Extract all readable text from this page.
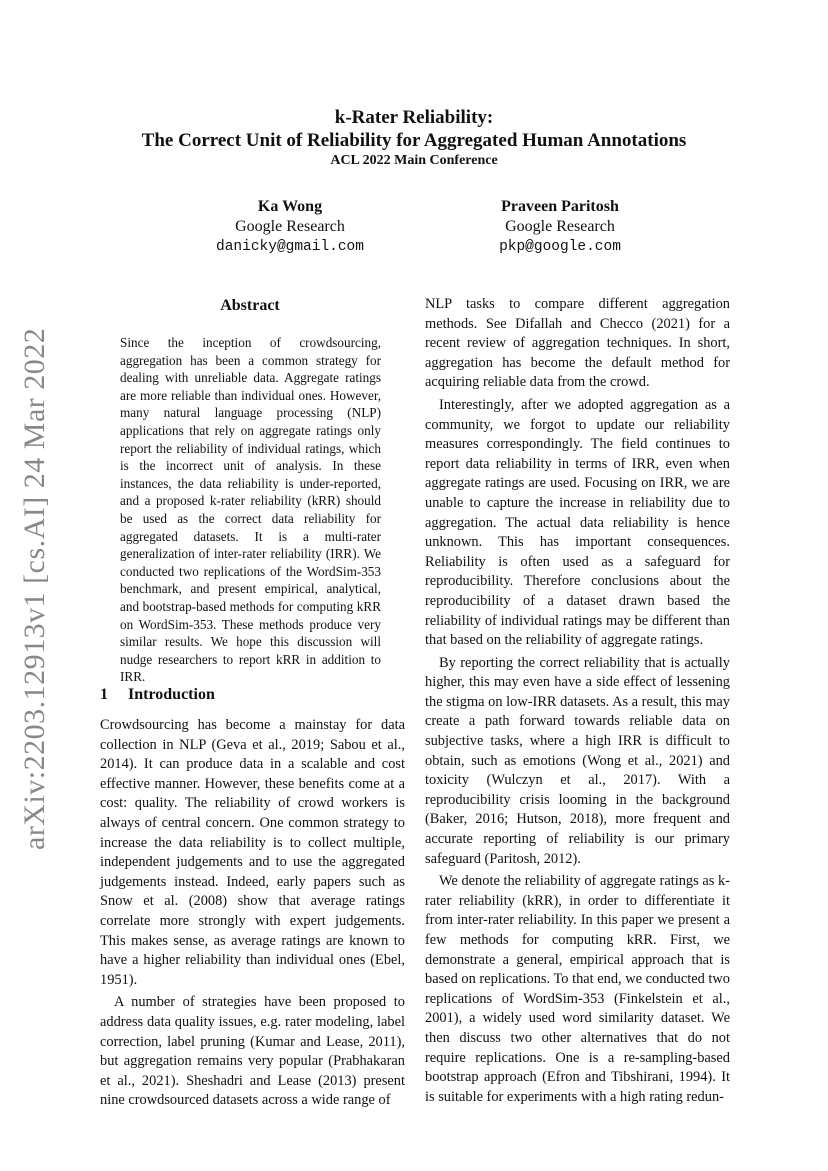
arXiv:2203.12913v1 [cs.AI] 24 Mar 2022
k-Rater Reliability:
The Correct Unit of Reliability for Aggregated Human Annotations
ACL 2022 Main Conference
Ka Wong
Google Research
danicky@gmail.com
Praveen Paritosh
Google Research
pkp@google.com
Abstract
Since the inception of crowdsourcing, aggregation has been a common strategy for dealing with unreliable data. Aggregate ratings are more reliable than individual ones. However, many natural language processing (NLP) applications that rely on aggregate ratings only report the reliability of individual ratings, which is the incorrect unit of analysis. In these instances, the data reliability is under-reported, and a proposed k-rater reliability (kRR) should be used as the correct data reliability for aggregated datasets. It is a multi-rater generalization of inter-rater reliability (IRR). We conducted two replications of the WordSim-353 benchmark, and present empirical, analytical, and bootstrap-based methods for computing kRR on WordSim-353. These methods produce very similar results. We hope this discussion will nudge researchers to report kRR in addition to IRR.
1 Introduction

Crowdsourcing has become a mainstay for data collection in NLP (Geva et al., 2019; Sabou et al., 2014). It can produce data in a scalable and cost effective manner. However, these benefits come at a cost: quality. The reliability of crowd workers is always of central concern. One common strategy to increase the data reliability is to collect multiple, independent judgements and to use the aggregated judgements instead. Indeed, early papers such as Snow et al. (2008) show that average ratings correlate more strongly with expert judgements. This makes sense, as average ratings are known to have a higher reliability than individual ones (Ebel, 1951).

A number of strategies have been proposed to address data quality issues, e.g. rater modeling, label correction, label pruning (Kumar and Lease, 2011), but aggregation remains very popular (Prabhakaran et al., 2021). Sheshadri and Lease (2013) present nine crowdsourced datasets across a wide range of

NLP tasks to compare different aggregation methods. See Difallah and Checco (2021) for a recent review of aggregation techniques. In short, aggregation has become the default method for acquiring reliable data from the crowd.

Interestingly, after we adopted aggregation as a community, we forgot to update our reliability measures correspondingly. The field continues to report data reliability in terms of IRR, even when aggregate ratings are used. Focusing on IRR, we are unable to capture the increase in reliability due to aggregation. The actual data reliability is hence unknown. This has important consequences. Reliability is often used as a safeguard for reproducibility. Therefore conclusions about the reproducibility of a dataset drawn based the reliability of individual ratings may be different than that based on the reliability of aggregate ratings.

By reporting the correct reliability that is actually higher, this may even have a side effect of lessening the stigma on low-IRR datasets. As a result, this may create a path forward towards reliable data on subjective tasks, where a high IRR is difficult to obtain, such as emotions (Wong et al., 2021) and toxicity (Wulczyn et al., 2017). With a reproducibility crisis looming in the background (Baker, 2016; Hutson, 2018), more frequent and accurate reporting of reliability is our primary safeguard (Paritosh, 2012).

We denote the reliability of aggregate ratings as k-rater reliability (kRR), in order to differentiate it from inter-rater reliability. In this paper we present a few methods for computing kRR. First, we demonstrate a general, empirical approach that is based on replications. To that end, we conducted two replications of WordSim-353 (Finkelstein et al., 2001), a widely used word similarity dataset. We then discuss two other alternatives that do not require replications. One is a re-sampling-based bootstrap approach (Efron and Tibshirani, 1994). It is suitable for experiments with a high rating redun-
